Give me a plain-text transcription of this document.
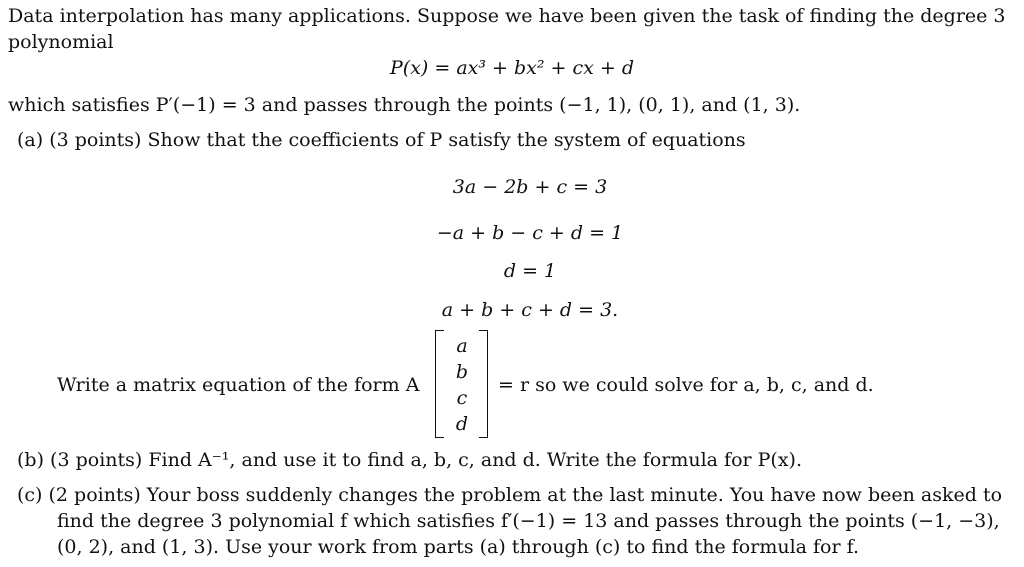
Data interpolation has many applications. Suppose we have been given the task of finding the degree 3
polynomial
P(x) = ax³ + bx² + cx + d
which satisfies P′(−1) = 3 and passes through the points (−1, 1), (0, 1), and (1, 3).
(a) (3 points) Show that the coefficients of P satisfy the system of equations
3a − 2b + c = 3
−a + b − c + d = 1
d = 1
a + b + c + d = 3.
Write a matrix equation of the form A
a
b
c
d
= r so we could solve for a, b, c, and d.
(b) (3 points) Find A⁻¹, and use it to find a, b, c, and d. Write the formula for P(x).
(c) (2 points) Your boss suddenly changes the problem at the last minute. You have now been asked to
find the degree 3 polynomial f which satisfies f′(−1) = 13 and passes through the points (−1, −3),
(0, 2), and (1, 3). Use your work from parts (a) through (c) to find the formula for f.
